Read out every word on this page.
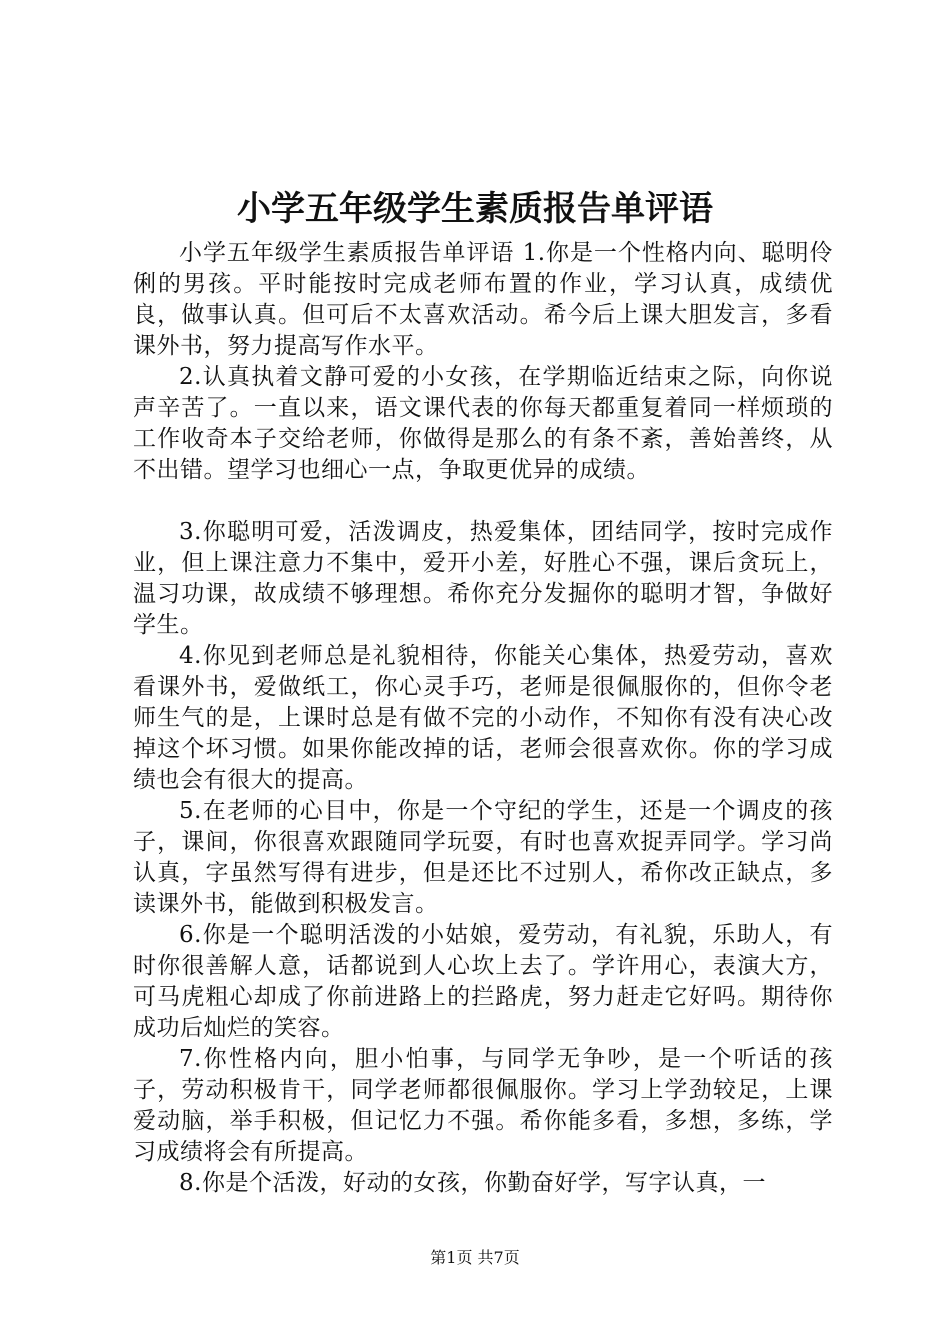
小学五年级学生素质报告单评语

小学五年级学生素质报告单评语 1.你是一个性格内向、聪明伶俐的男孩。平时能按时完成老师布置的作业，学习认真，成绩优良，做事认真。但可后不太喜欢活动。希今后上课大胆发言，多看课外书，努力提高写作水平。

2.认真执着文静可爱的小女孩，在学期临近结束之际，向你说声辛苦了。一直以来，语文课代表的你每天都重复着同一样烦琐的工作收奇本子交给老师，你做得是那么的有条不紊，善始善终，从不出错。望学习也细心一点，争取更优异的成绩。

3.你聪明可爱，活泼调皮，热爱集体，团结同学，按时完成作业，但上课注意力不集中，爱开小差，好胜心不强，课后贪玩上，温习功课，故成绩不够理想。希你充分发掘你的聪明才智，争做好学生。

4.你见到老师总是礼貌相待，你能关心集体，热爱劳动，喜欢看课外书，爱做纸工，你心灵手巧，老师是很佩服你的，但你令老师生气的是，上课时总是有做不完的小动作，不知你有没有决心改掉这个坏习惯。如果你能改掉的话，老师会很喜欢你。你的学习成绩也会有很大的提高。

5.在老师的心目中，你是一个守纪的学生，还是一个调皮的孩子，课间，你很喜欢跟随同学玩耍，有时也喜欢捉弄同学。学习尚认真，字虽然写得有进步，但是还比不过别人，希你改正缺点，多读课外书，能做到积极发言。

6.你是一个聪明活泼的小姑娘，爱劳动，有礼貌，乐助人，有时你很善解人意，话都说到人心坎上去了。学许用心，表演大方，可马虎粗心却成了你前进路上的拦路虎，努力赶走它好吗。期待你成功后灿烂的笑容。

7.你性格内向，胆小怕事，与同学无争吵，是一个听话的孩子，劳动积极肯干，同学老师都很佩服你。学习上学劲较足，上课爱动脑，举手积极，但记忆力不强。希你能多看，多想，多练，学习成绩将会有所提高。

8.你是个活泼，好动的女孩，你勤奋好学，写字认真，一

第1页 共7页
